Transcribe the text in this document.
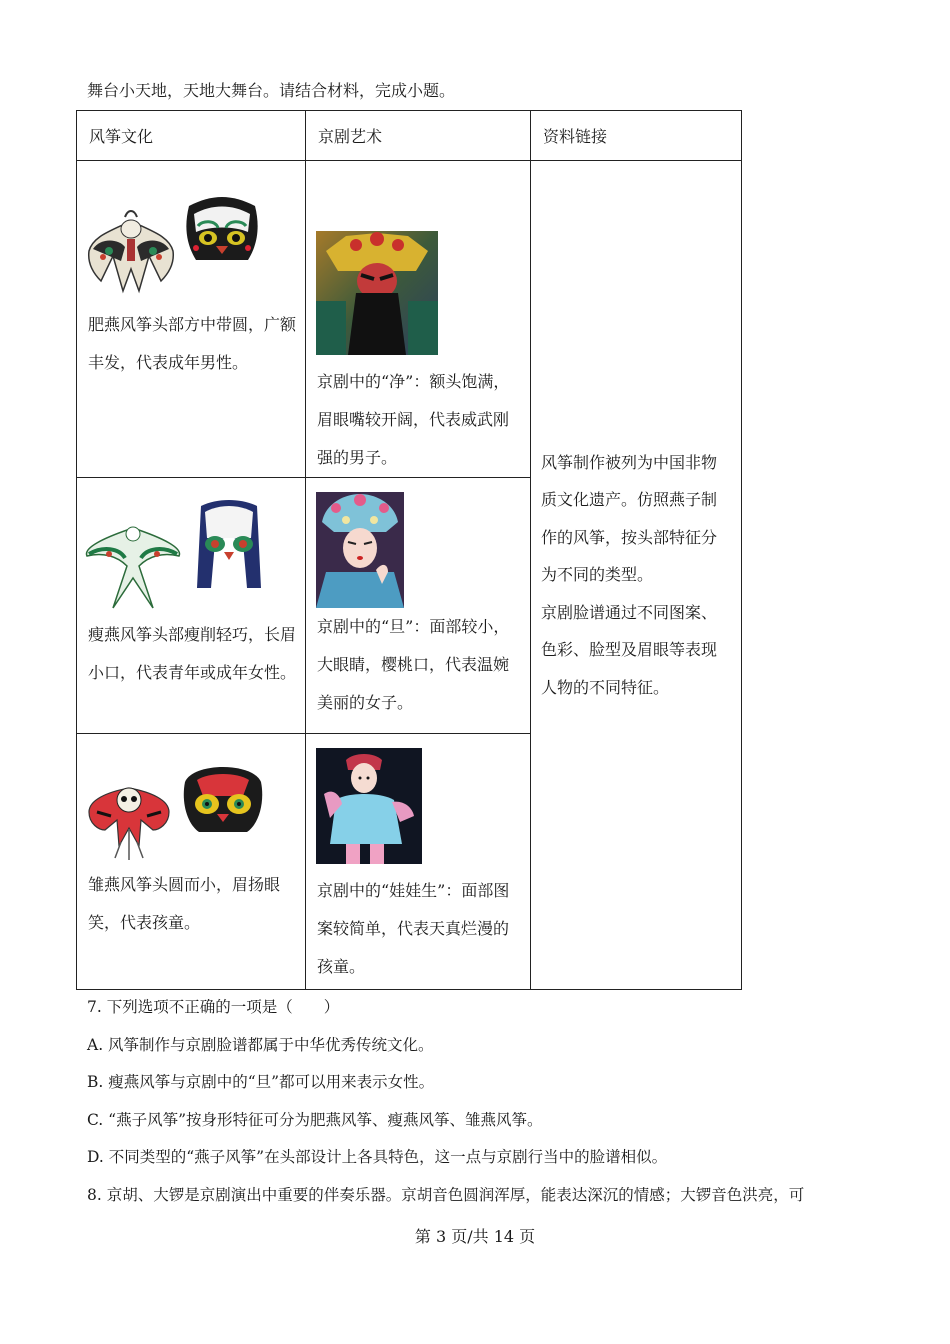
舞台小天地，天地大舞台。请结合材料，完成小题。
风筝文化	京剧艺术	资料链接

肥燕风筝头部方中带圆，广额丰发，代表成年男性。	京剧中的“净”：额头饱满，眉眼嘴较开阔，代表威武刚强的男子。	风筝制作被列为中国非物质文化遗产。仿照燕子制作的风筝，按头部特征分为不同的类型。

京剧脸谱通过不同图案、色彩、脸型及眉眼等表现人物的不同特征。

瘦燕风筝头部瘦削轻巧，长眉小口，代表青年或成年女性。	京剧中的“旦”：面部较小，大眼睛，樱桃口，代表温婉美丽的女子。	

雏燕风筝头圆而小，眉扬眼笑，代表孩童。	京剧中的“娃娃生”：面部图案较简单，代表天真烂漫的孩童。	
7. 下列选项不正确的一项是（　　）
A. 风筝制作与京剧脸谱都属于中华优秀传统文化。
B. 瘦燕风筝与京剧中的“旦”都可以用来表示女性。
C. “燕子风筝”按身形特征可分为肥燕风筝、瘦燕风筝、雏燕风筝。
D. 不同类型的“燕子风筝”在头部设计上各具特色，这一点与京剧行当中的脸谱相似。
8. 京胡、大锣是京剧演出中重要的伴奏乐器。京胡音色圆润浑厚，能表达深沉的情感；大锣音色洪亮，可
第 3 页/共 14 页
